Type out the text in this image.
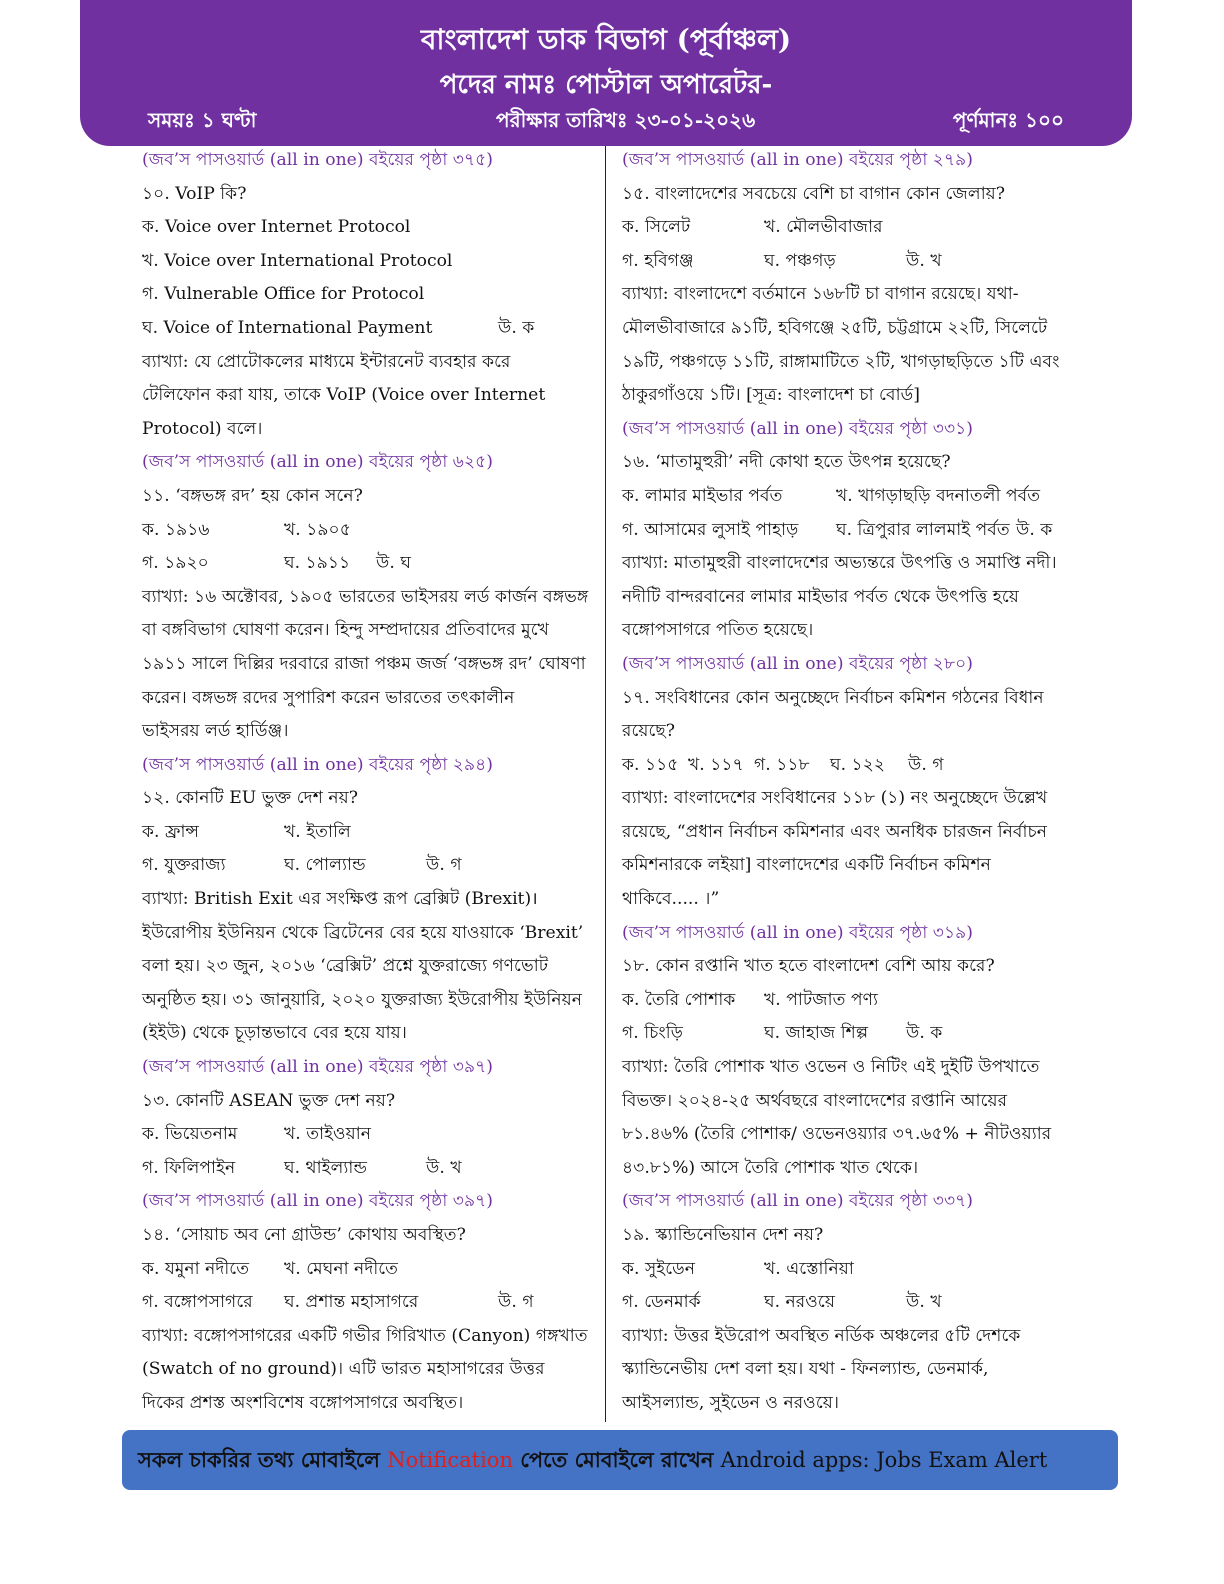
বাংলাদেশ ডাক বিভাগ (পূর্বাঞ্চল)
পদের নামঃ পোস্টাল অপারেটর-
সময়ঃ ১ ঘণ্টা	পরীক্ষার তারিখঃ ২৩-০১-২০২৬	পূর্ণমানঃ ১০০
(জব’স পাসওয়ার্ড (all in one) বইয়ের পৃষ্ঠা ৩৭৫)
১০. VoIP কি?
ক. Voice over Internet Protocol
খ. Voice over International Protocol
গ. Vulnerable Office for Protocol
ঘ. Voice of International Payment	উ. ক
ব্যাখ্যা: যে প্রোটোকলের মাধ্যমে ইন্টারনেট ব্যবহার করে
টেলিফোন করা যায়, তাকে VoIP (Voice over Internet
Protocol) বলে।
(জব’স পাসওয়ার্ড (all in one) বইয়ের পৃষ্ঠা ৬২৫)
১১. ‘বঙ্গভঙ্গ রদ’ হয় কোন সনে?
ক. ১৯১৬	খ. ১৯০৫
গ. ১৯২০	ঘ. ১৯১১ উ. ঘ
ব্যাখ্যা: ১৬ অক্টোবর, ১৯০৫ ভারতের ভাইসরয় লর্ড কার্জন বঙ্গভঙ্গ
বা বঙ্গবিভাগ ঘোষণা করেন। হিন্দু সম্প্রদায়ের প্রতিবাদের মুখে
১৯১১ সালে দিল্লির দরবারে রাজা পঞ্চম জর্জ ‘বঙ্গভঙ্গ রদ’ ঘোষণা
করেন। বঙ্গভঙ্গ রদের সুপারিশ করেন ভারতের তৎকালীন
ভাইসরয় লর্ড হার্ডিঞ্জ।
(জব’স পাসওয়ার্ড (all in one) বইয়ের পৃষ্ঠা ২৯৪)
১২. কোনটি EU ভুক্ত দেশ নয়?
ক. ফ্রান্স	খ. ইতালি
গ. যুক্তরাজ্য	ঘ. পোল্যান্ড	উ. গ
ব্যাখ্যা: British Exit এর সংক্ষিপ্ত রূপ ব্রেক্সিট (Brexit)।
ইউরোপীয় ইউনিয়ন থেকে ব্রিটেনের বের হয়ে যাওয়াকে ‘Brexit’
বলা হয়। ২৩ জুন, ২০১৬ ‘ব্রেক্সিট’ প্রশ্নে যুক্তরাজ্যে গণভোট
অনুষ্ঠিত হয়। ৩১ জানুয়ারি, ২০২০ যুক্তরাজ্য ইউরোপীয় ইউনিয়ন
(ইইউ) থেকে চূড়ান্তভাবে বের হয়ে যায়।
(জব’স পাসওয়ার্ড (all in one) বইয়ের পৃষ্ঠা ৩৯৭)
১৩. কোনটি ASEAN ভুক্ত দেশ নয়?
ক. ভিয়েতনাম	খ. তাইওয়ান
গ. ফিলিপাইন	ঘ. থাইল্যান্ড	উ. খ
(জব’স পাসওয়ার্ড (all in one) বইয়ের পৃষ্ঠা ৩৯৭)
১৪. ‘সোয়াচ অব নো গ্রাউন্ড’ কোথায় অবস্থিত?
ক. যমুনা নদীতে খ. মেঘনা নদীতে
গ. বঙ্গোপসাগরে ঘ. প্রশান্ত মহাসাগরে	উ. গ
ব্যাখ্যা: বঙ্গোপসাগরের একটি গভীর গিরিখাত (Canyon) গঙ্গখাত
(Swatch of no ground)। এটি ভারত মহাসাগরের উত্তর
দিকের প্রশস্ত অংশবিশেষ বঙ্গোপসাগরে অবস্থিত।
(জব’স পাসওয়ার্ড (all in one) বইয়ের পৃষ্ঠা ২৭৯)
১৫. বাংলাদেশের সবচেয়ে বেশি চা বাগান কোন জেলায়?
ক. সিলেট	খ. মৌলভীবাজার
গ. হবিগঞ্জ	ঘ. পঞ্চগড়	উ. খ
ব্যাখ্যা: বাংলাদেশে বর্তমানে ১৬৮টি চা বাগান রয়েছে। যথা-
মৌলভীবাজারে ৯১টি, হবিগঞ্জে ২৫টি, চট্টগ্রামে ২২টি, সিলেটে
১৯টি, পঞ্চগড়ে ১১টি, রাঙ্গামাটিতে ২টি, খাগড়াছড়িতে ১টি এবং
ঠাকুরগাঁওয়ে ১টি। [সূত্র: বাংলাদেশ চা বোর্ড]
(জব’স পাসওয়ার্ড (all in one) বইয়ের পৃষ্ঠা ৩৩১)
১৬. ‘মাতামুহুরী’ নদী কোথা হতে উৎপন্ন হয়েছে?
ক. লামার মাইভার পর্বত	খ. খাগড়াছড়ি বদনাতলী পর্বত
গ. আসামের লুসাই পাহাড় ঘ. ত্রিপুরার লালমাই পর্বত উ. ক
ব্যাখ্যা: মাতামুহুরী বাংলাদেশের অভ্যন্তরে উৎপত্তি ও সমাপ্তি নদী।
নদীটি বান্দরবানের লামার মাইভার পর্বত থেকে উৎপত্তি হয়ে
বঙ্গোপসাগরে পতিত হয়েছে।
(জব’স পাসওয়ার্ড (all in one) বইয়ের পৃষ্ঠা ২৮০)
১৭. সংবিধানের কোন অনুচ্ছেদে নির্বাচন কমিশন গঠনের বিধান
রয়েছে?
ক. ১১৫ খ. ১১৭ গ. ১১৮ ঘ. ১২২ উ. গ
ব্যাখ্যা: বাংলাদেশের সংবিধানের ১১৮ (১) নং অনুচ্ছেদে উল্লেখ
রয়েছে, “প্রধান নির্বাচন কমিশনার এবং অনধিক চারজন নির্বাচন
কমিশনারকে লইয়া] বাংলাদেশের একটি নির্বাচন কমিশন
থাকিবে..... ।”
(জব’স পাসওয়ার্ড (all in one) বইয়ের পৃষ্ঠা ৩১৯)
১৮. কোন রপ্তানি খাত হতে বাংলাদেশ বেশি আয় করে?
ক. তৈরি পোশাক খ. পাটজাত পণ্য
গ. চিংড়ি	ঘ. জাহাজ শিল্প উ. ক
ব্যাখ্যা: তৈরি পোশাক খাত ওভেন ও নিটিং এই দুইটি উপখাতে
বিভক্ত। ২০২৪-২৫ অর্থবছরে বাংলাদেশের রপ্তানি আয়ের
৮১.৪৬% (তৈরি পোশাক/ ওভেনওয়্যার ৩৭.৬৫% + নীটওয়্যার
৪৩.৮১%) আসে তৈরি পোশাক খাত থেকে।
(জব’স পাসওয়ার্ড (all in one) বইয়ের পৃষ্ঠা ৩৩৭)
১৯. স্ক্যান্ডিনেভিয়ান দেশ নয়?
ক. সুইডেন	খ. এস্তোনিয়া
গ. ডেনমার্ক	ঘ. নরওয়ে	উ. খ
ব্যাখ্যা: উত্তর ইউরোপ অবস্থিত নর্ডিক অঞ্চলের ৫টি দেশকে
স্ক্যান্ডিনেভীয় দেশ বলা হয়। যথা - ফিনল্যান্ড, ডেনমার্ক,
আইসল্যান্ড, সুইডেন ও নরওয়ে।
সকল চাকরির তথ্য মোবাইলে Notification পেতে মোবাইলে রাখেন Android apps: Jobs Exam Alert
